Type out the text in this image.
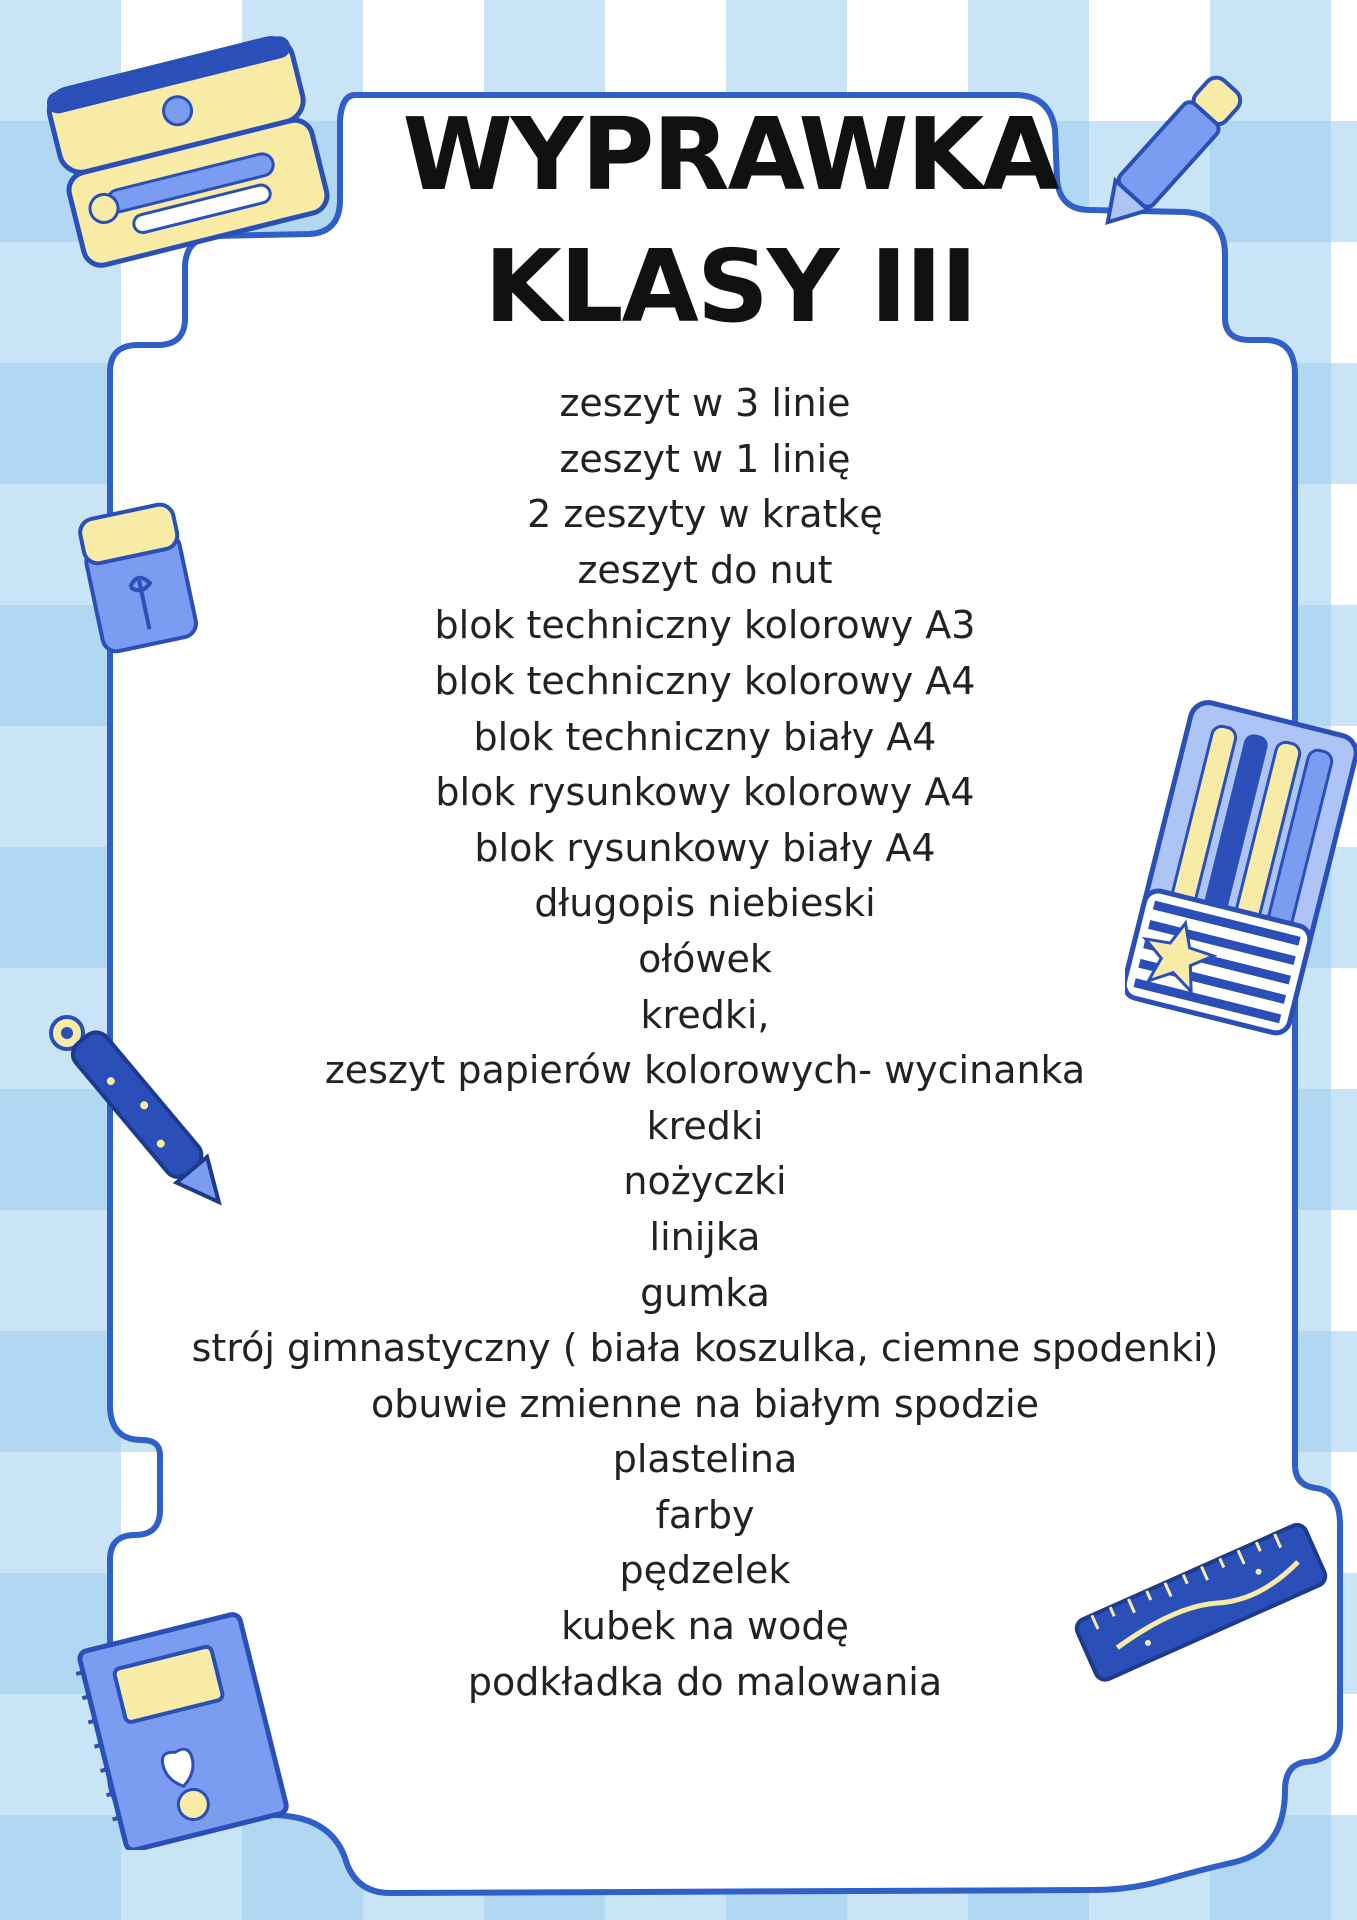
WYPRAWKA
KLASY III
zeszyt w 3 linie
zeszyt w 1 linię
2 zeszyty w kratkę
zeszyt do nut
blok techniczny kolorowy A3
blok techniczny kolorowy A4
blok techniczny biały A4
blok rysunkowy kolorowy A4
blok rysunkowy biały A4
długopis niebieski
ołówek
kredki,
zeszyt papierów kolorowych- wycinanka
kredki
nożyczki
linijka
gumka
strój gimnastyczny ( biała koszulka, ciemne spodenki)
obuwie zmienne na białym spodzie
plastelina
farby
pędzelek
kubek na wodę
podkładka do malowania
